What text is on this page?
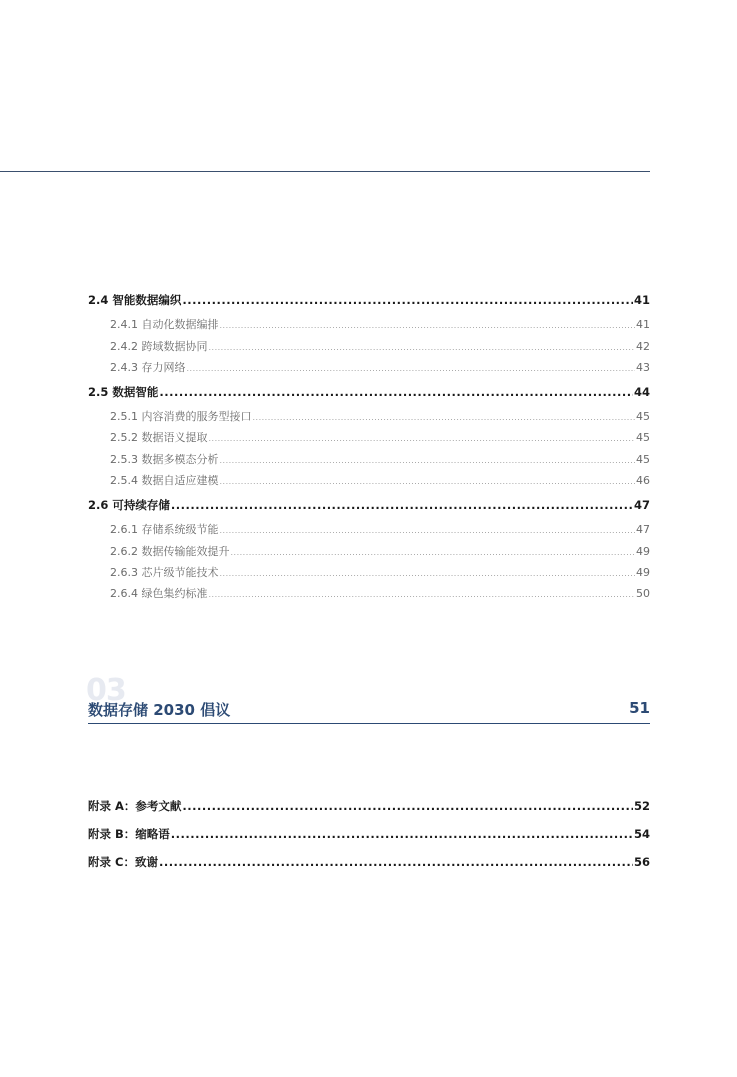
2.4 智能数据编织 .....	41
2.4.1 自动化数据编排 .....	41
2.4.2 跨域数据协同 .....	42
2.4.3 存力网络 .....	43
2.5 数据智能 .....	44
2.5.1 内容消费的服务型接口 .....	45
2.5.2 数据语义提取 .....	45
2.5.3 数据多模态分析 .....	45
2.5.4 数据自适应建模 .....	46
2.6 可持续存储 .....	47
2.6.1 存储系统级节能 .....	47
2.6.2 数据传输能效提升 .....	49
2.6.3 芯片级节能技术 .....	49
2.6.4 绿色集约标准 .....	50
03
数据存储 2030 倡议	51
附录 A：参考文献 .....	52
附录 B：缩略语 .....	54
附录 C：致谢 .....	56
